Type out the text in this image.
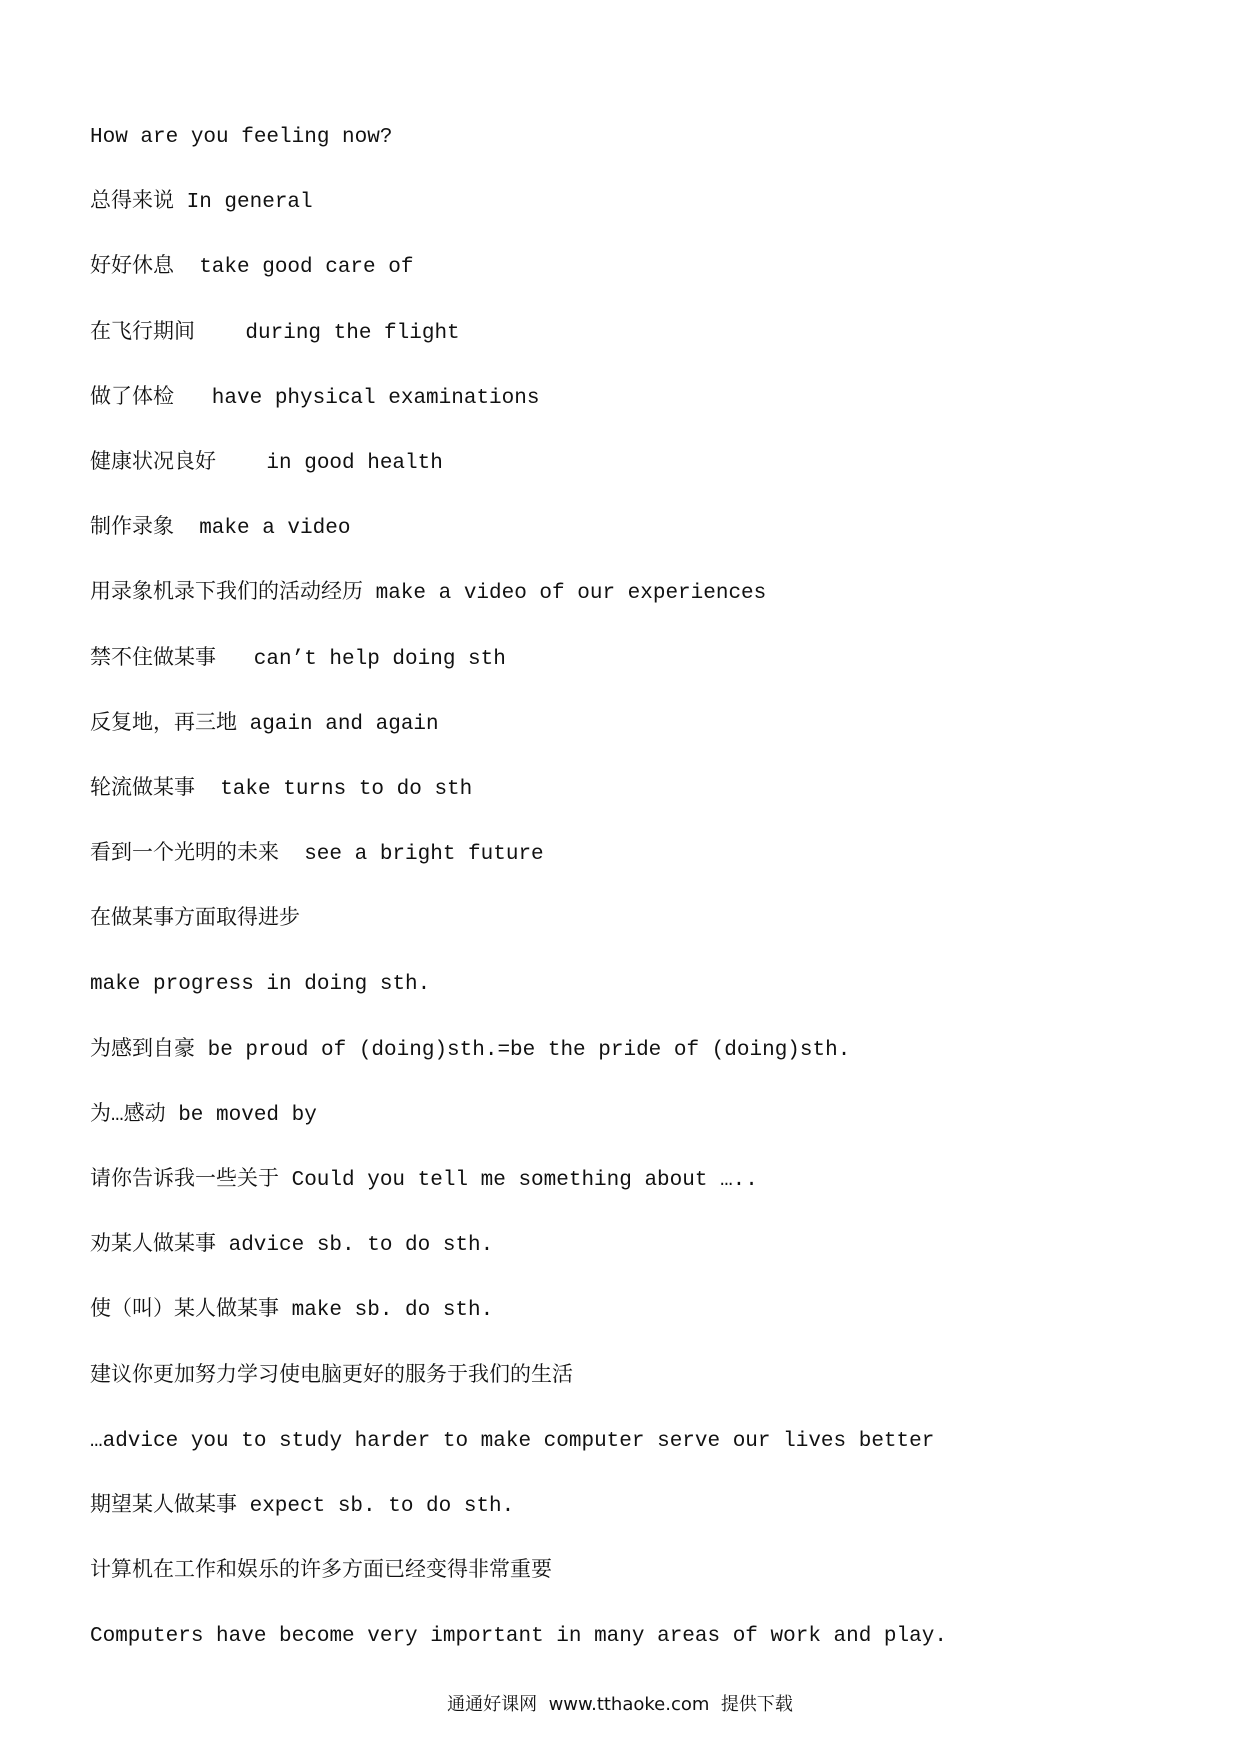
How are you feeling now?
总得来说 In general
好好休息  take good care of
在飞行期间    during the flight
做了体检   have physical examinations
健康状况良好    in good health
制作录象  make a video
用录象机录下我们的活动经历 make a video of our experiences
禁不住做某事   can’t help doing sth
反复地，再三地 again and again
轮流做某事  take turns to do sth
看到一个光明的未来  see a bright future
在做某事方面取得进步
make progress in doing sth.
为感到自豪 be proud of (doing)sth.=be the pride of (doing)sth.
为…感动 be moved by
请你告诉我一些关于 Could you tell me something about …..
劝某人做某事 advice sb. to do sth.
使（叫）某人做某事 make sb. do sth.
建议你更加努力学习使电脑更好的服务于我们的生活
…advice you to study harder to make computer serve our lives better
期望某人做某事 expect sb. to do sth.
计算机在工作和娱乐的许多方面已经变得非常重要
Computers have become very important in many areas of work and play.
通通好课网  www.tthaoke.com  提供下载
